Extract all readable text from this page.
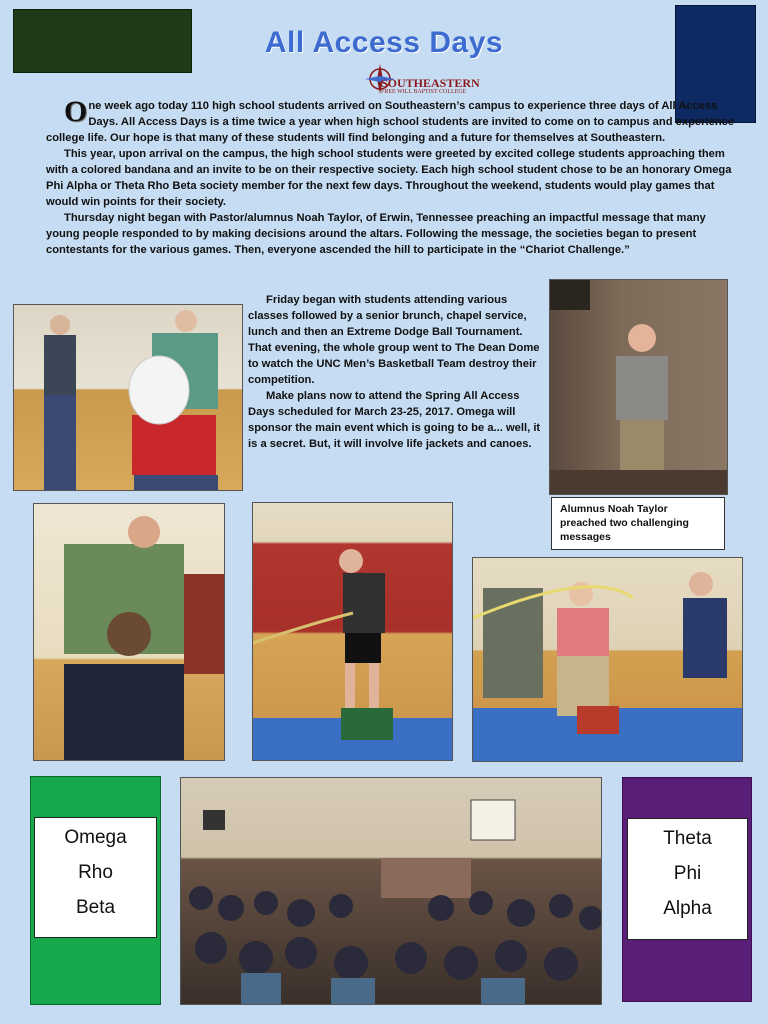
All Access Days
SOUTHEASTERN
FREE WILL BAPTIST COLLEGE
O ne week ago today 110 high school students arrived on Southeastern’s campus to experience three days of All Access Days. All Access Days is a time twice a year when high school students are invited to come on to campus and experience college life. Our hope is that many of these students will find belonging and a future for themselves at Southeastern.

This year, upon arrival on the campus, the high school students were greeted by excited college students approaching them with a colored bandana and an invite to be on their respective society. Each high school student chose to be an honorary Omega Phi Alpha or Theta Rho Beta society member for the next few days. Throughout the weekend, students would play games that would win points for their society.

Thursday night began with Pastor/alumnus Noah Taylor, of Erwin, Tennessee preaching an impactful message that many young people responded to by making decisions around the altars. Following the message, the societies began to present contestants for the various games. Then, everyone ascended the hill to participate in the “Chariot Challenge.”

Friday began with students attending various classes followed by a senior brunch, chapel service, lunch and then an Extreme Dodge Ball Tournament. That evening, the whole group went to The Dean Dome to watch the UNC Men’s Basketball Team destroy their competition.

Make plans now to attend the Spring All Access Days scheduled for March 23-25, 2017. Omega will sponsor the main event which is going to be a... well, it is a secret. But, it will involve life jackets and canoes.

Alumnus Noah Taylor preached two challenging messages
Omega
Rho
Beta
Theta
Phi
Alpha
